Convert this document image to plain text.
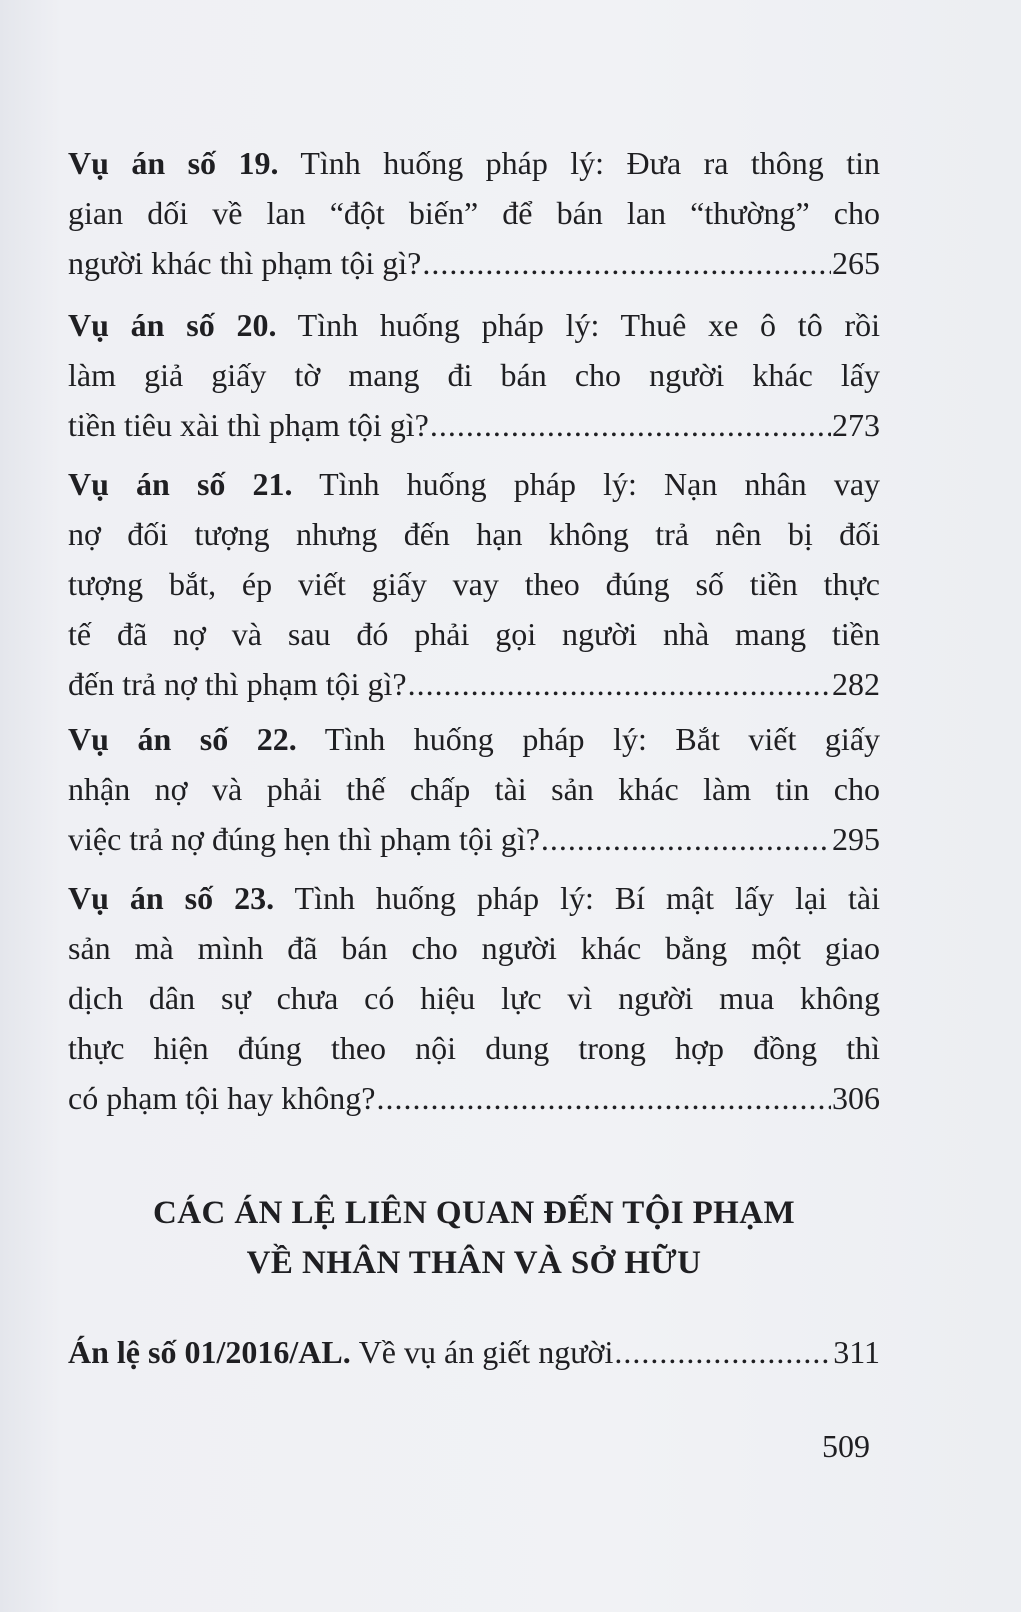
Vụ án số 19. Tình huống pháp lý: Đưa ra thông tin

gian dối về lan “đột biến” để bán lan “thường” cho

người khác thì phạm tội gì? .....	265

Vụ án số 20. Tình huống pháp lý: Thuê xe ô tô rồi

làm giả giấy tờ mang đi bán cho người khác lấy

tiền tiêu xài thì phạm tội gì? .....	273

Vụ án số 21. Tình huống pháp lý: Nạn nhân vay

nợ đối tượng nhưng đến hạn không trả nên bị đối

tượng bắt, ép viết giấy vay theo đúng số tiền thực

tế đã nợ và sau đó phải gọi người nhà mang tiền

đến trả nợ thì phạm tội gì? .....	282

Vụ án số 22. Tình huống pháp lý: Bắt viết giấy

nhận nợ và phải thế chấp tài sản khác làm tin cho

việc trả nợ đúng hẹn thì phạm tội gì? .....	295

Vụ án số 23. Tình huống pháp lý: Bí mật lấy lại tài

sản mà mình đã bán cho người khác bằng một giao

dịch dân sự chưa có hiệu lực vì người mua không

thực hiện đúng theo nội dung trong hợp đồng thì

có phạm tội hay không? .....	306

CÁC ÁN LỆ LIÊN QUAN ĐẾN TỘI PHẠM
VỀ NHÂN THÂN VÀ SỞ HỮU

Án lệ số 01/2016/AL.
Về vụ án giết người .....	311

509
